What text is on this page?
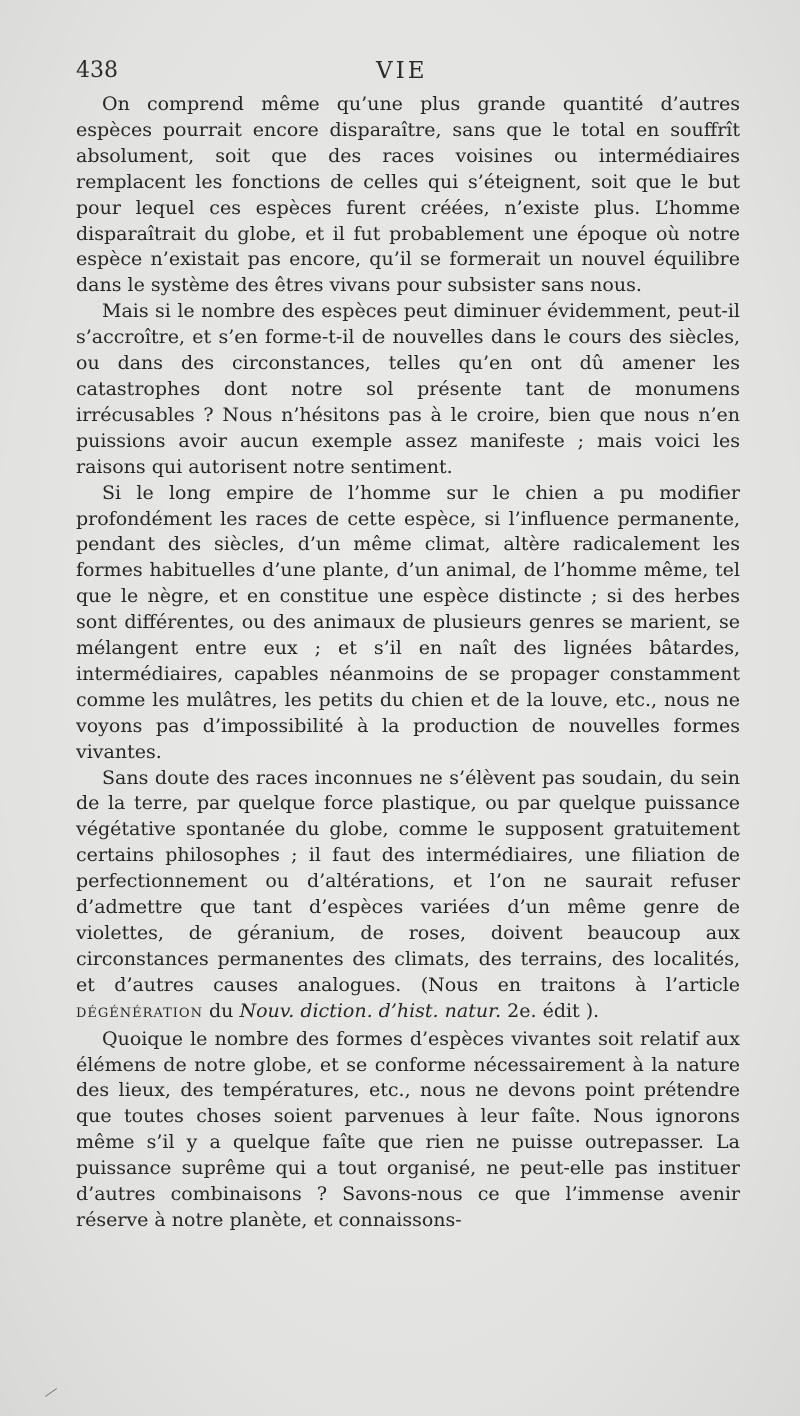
438	VIE

On comprend même qu’une plus grande quantité d’autres espèces pourrait encore disparaître, sans que le total en souffrît absolument, soit que des races voisines ou intermédiaires remplacent les fonctions de celles qui s’éteignent, soit que le but pour lequel ces espèces furent créées, n’existe plus. L’homme disparaîtrait du globe, et il fut probablement une époque où notre espèce n’existait pas encore, qu’il se formerait un nouvel équilibre dans le système des êtres vivans pour subsister sans nous.

Mais si le nombre des espèces peut diminuer évidemment, peut-il s’accroître, et s’en forme-t-il de nouvelles dans le cours des siècles, ou dans des circonstances, telles qu’en ont dû amener les catastrophes dont notre sol présente tant de monumens irrécusables ? Nous n’hésitons pas à le croire, bien que nous n’en puissions avoir aucun exemple assez manifeste ; mais voici les raisons qui autorisent notre sentiment.

Si le long empire de l’homme sur le chien a pu modifier profondément les races de cette espèce, si l’influence permanente, pendant des siècles, d’un même climat, altère radicalement les formes habituelles d’une plante, d’un animal, de l’homme même, tel que le nègre, et en constitue une espèce distincte ; si des herbes sont différentes, ou des animaux de plusieurs genres se marient, se mélangent entre eux ; et s’il en naît des lignées bâtardes, intermédiaires, capables néanmoins de se propager constamment comme les mulâtres, les petits du chien et de la louve, etc., nous ne voyons pas d’impossibilité à la production de nouvelles formes vivantes.

Sans doute des races inconnues ne s’élèvent pas soudain, du sein de la terre, par quelque force plastique, ou par quelque puissance végétative spontanée du globe, comme le supposent gratuitement certains philosophes ; il faut des intermédiaires, une filiation de perfectionnement ou d’altérations, et l’on ne saurait refuser d’admettre que tant d’espèces variées d’un même genre de violettes, de géranium, de roses, doivent beaucoup aux circonstances permanentes des climats, des terrains, des localités, et d’autres causes analogues. (Nous en traitons à l’article DÉGÉNÉRATION du Nouv. diction. d’hist. natur. 2e. édit ).

Quoique le nombre des formes d’espèces vivantes soit relatif aux élémens de notre globe, et se conforme nécessairement à la nature des lieux, des températures, etc., nous ne devons point prétendre que toutes choses soient parvenues à leur faîte. Nous ignorons même s’il y a quelque faîte que rien ne puisse outrepasser. La puissance suprême qui a tout organisé, ne peut-elle pas instituer d’autres combinaisons ? Savons-nous ce que l’immense avenir réserve à notre planète, et connaissons-
